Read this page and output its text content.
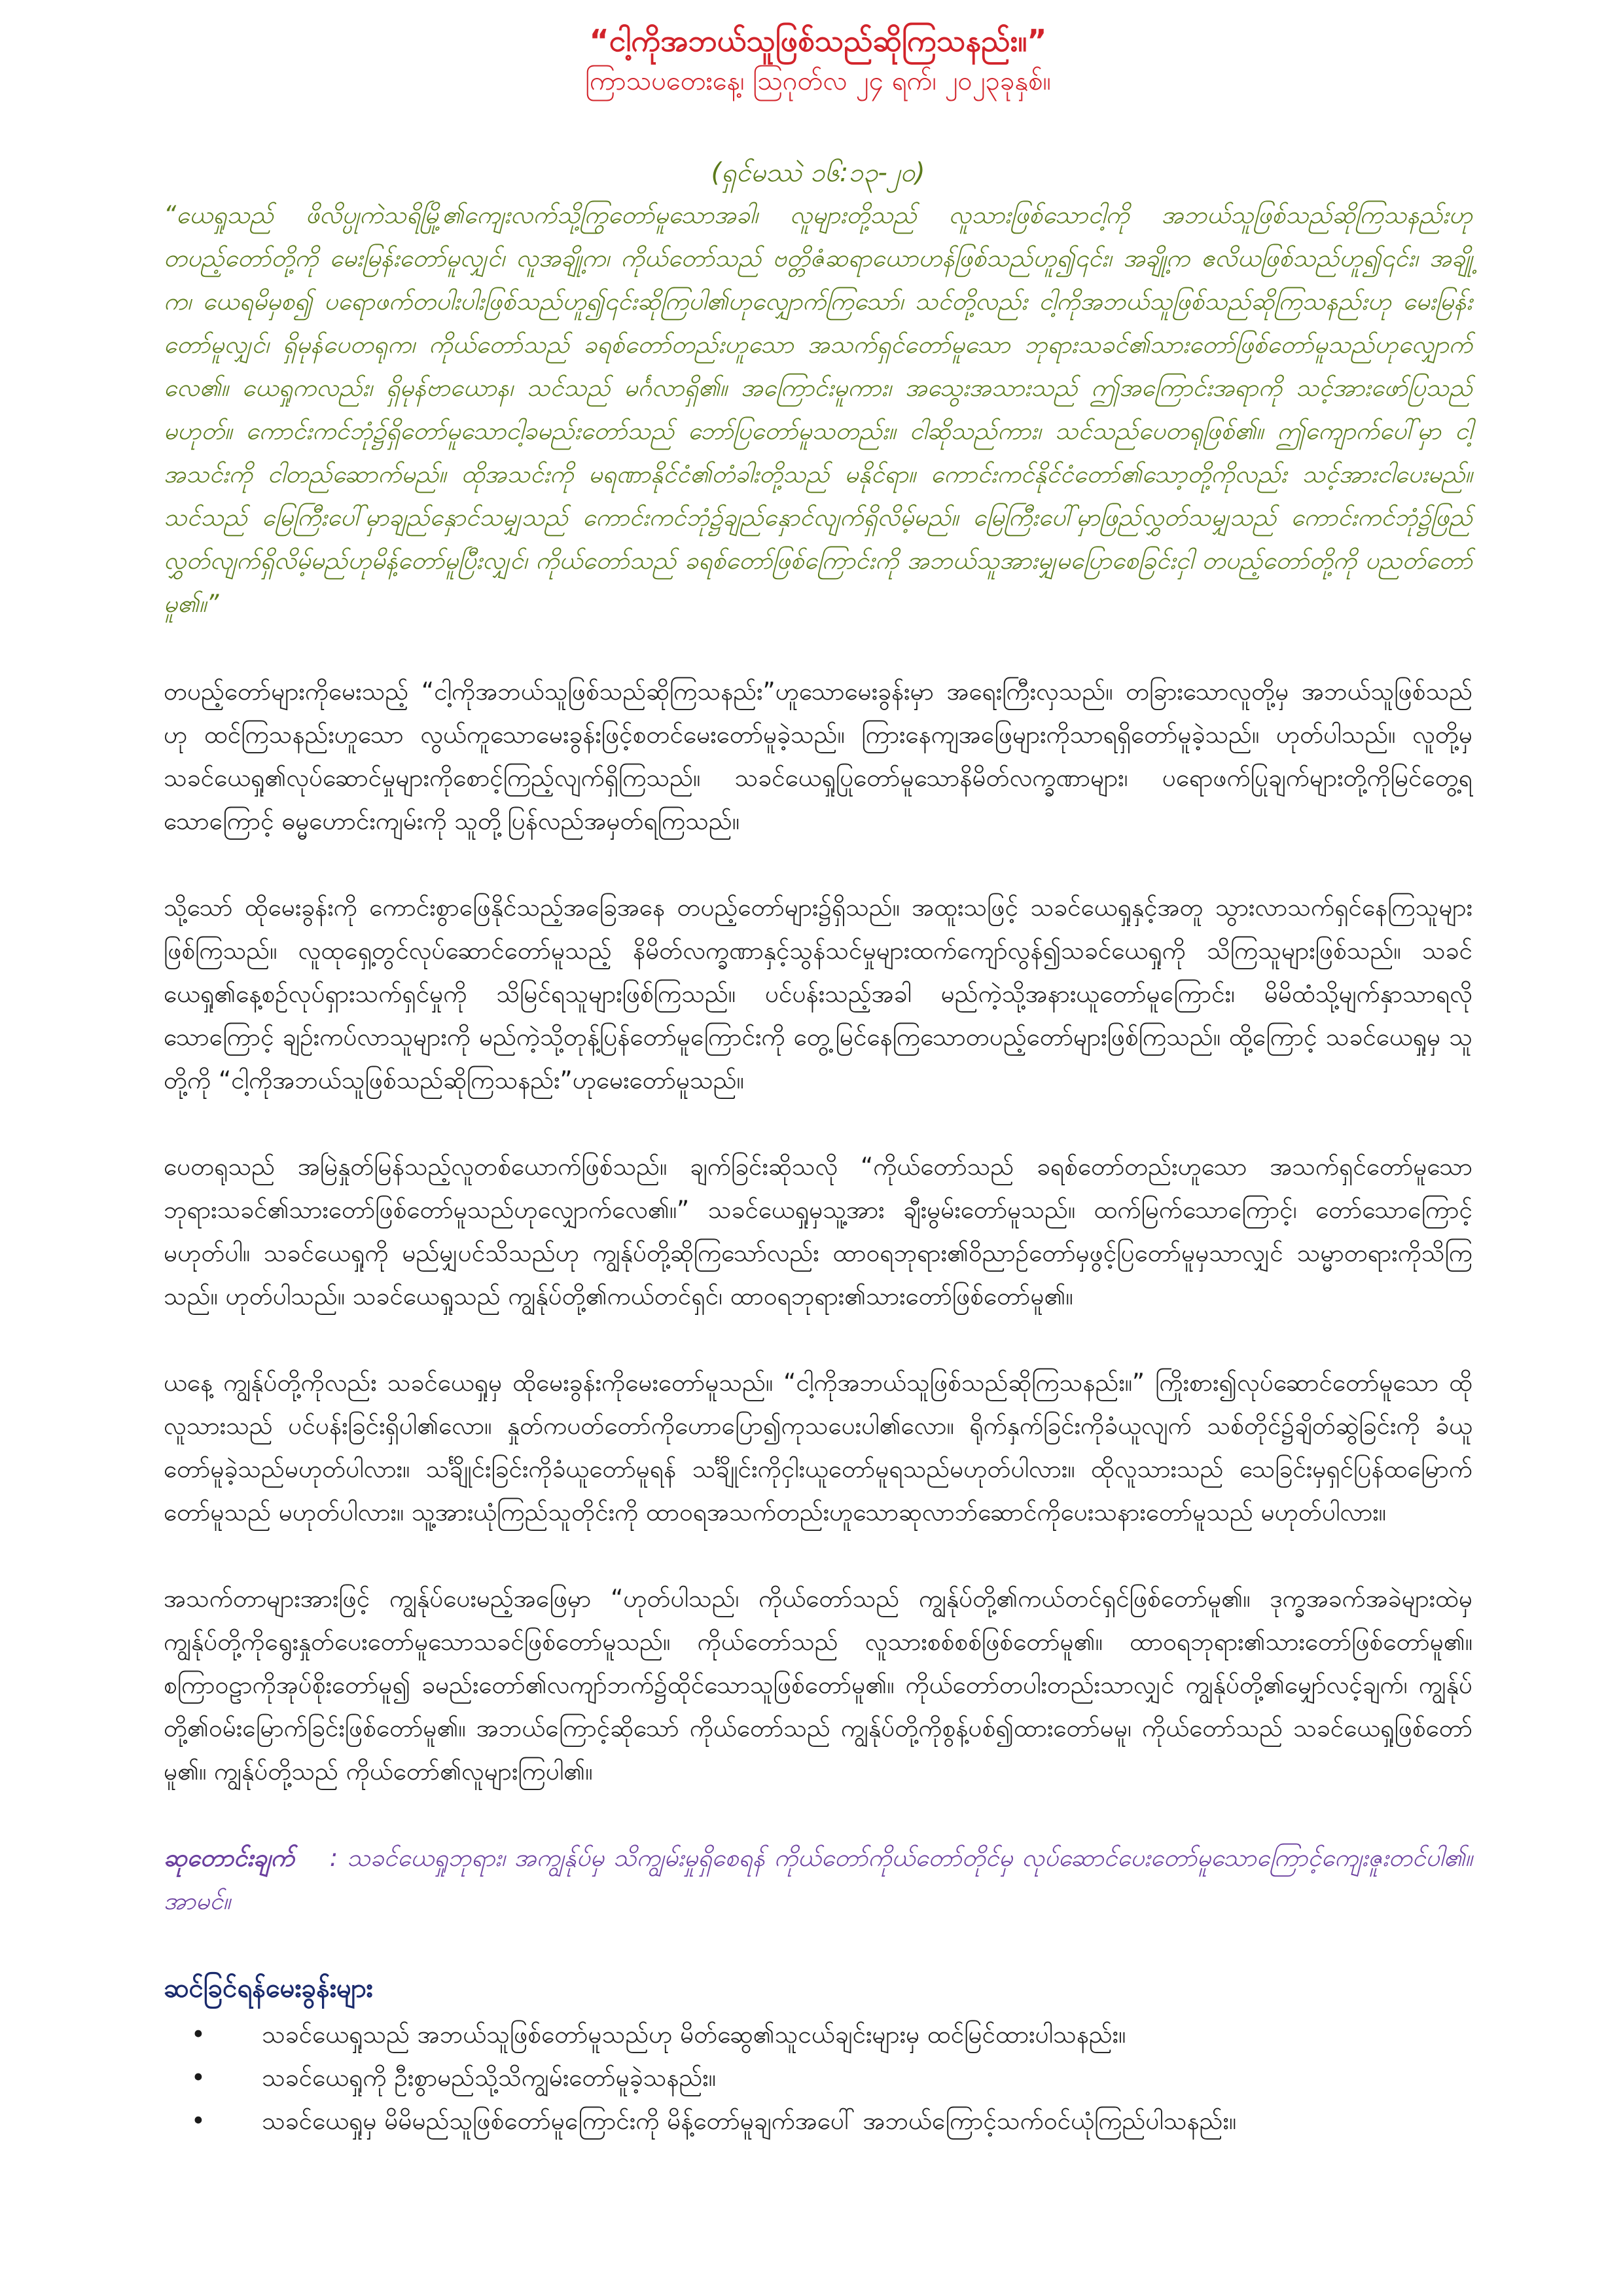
“ငါ့ကိုအဘယ်သူဖြစ်သည်ဆိုကြသနည်း။”

ကြာသပတေးနေ့၊ ဩဂုတ်လ ၂၄ ရက်၊ ၂၀၂၃ခုနှစ်။

(ရှင်မဿဲ ၁၆:၁၃-၂၀)

“ယေရှုသည် ဖိလိပ္ပုကဲသရိမြို့၏ကျေးလက်သို့ကြွတော်မူသောအခါ၊ လူများတို့သည် လူသားဖြစ်သောငါ့ကို အဘယ်သူဖြစ်သည်ဆိုကြသနည်းဟု တပည့်တော်တို့ကို မေးမြန်းတော်မူလျှင်၊ လူအချို့က၊ ကိုယ်တော်သည် ဗတ္တိဇံဆရာယောဟန်ဖြစ်သည်ဟူ၍၎င်း၊ အချို့က ဧလိယဖြစ်သည်ဟူ၍၎င်း၊ အချို့က၊ ယေရမိမှစ၍ ပရောဖက်တပါးပါးဖြစ်သည်ဟူ၍၎င်းဆိုကြပါ၏ဟုလျှောက်ကြသော်၊ သင်တို့လည်း ငါ့ကိုအဘယ်သူဖြစ်သည်ဆိုကြသနည်းဟု မေးမြန်းတော်မူလျှင်၊ ရှိမုန်ပေတရုက၊ ကိုယ်တော်သည် ခရစ်တော်တည်းဟူသော အသက်ရှင်တော်မူသော ဘုရားသခင်၏သားတော်ဖြစ်တော်မူသည်ဟုလျှောက်လေ၏။ ယေရှုကလည်း၊ ရှိမုန်ဗာယောန၊ သင်သည် မင်္ဂလာရှိ၏။ အကြောင်းမူကား၊ အသွေးအသားသည် ဤအကြောင်းအရာကို သင့်အားဖော်ပြသည်မဟုတ်။ ကောင်းကင်ဘုံ၌ရှိတော်မူသောငါ့ခမည်းတော်သည် ဘော်ပြတော်မူသတည်း။ ငါဆိုသည်ကား၊ သင်သည်ပေတရုဖြစ်၏။ ဤကျောက်ပေါ်မှာ ငါ့အသင်းကို ငါတည်ဆောက်မည်။ ထိုအသင်းကို မရဏာနိုင်ငံ၏တံခါးတို့သည် မနိုင်ရာ။ ကောင်းကင်နိုင်ငံတော်၏သော့တို့ကိုလည်း သင့်အားငါပေးမည်။ သင်သည် မြေကြီးပေါ်မှာချည်နှောင်သမျှသည် ကောင်းကင်ဘုံ၌ချည်နှောင်လျက်ရှိလိမ့်မည်။ မြေကြီးပေါ်မှာဖြည်လွှတ်သမျှသည် ကောင်းကင်ဘုံ၌ဖြည်လွှတ်လျက်ရှိလိမ့်မည်ဟုမိန့်တော်မူပြီးလျှင်၊ ကိုယ်တော်သည် ခရစ်တော်ဖြစ်ကြောင်းကို အဘယ်သူအားမျှမပြောစေခြင်းငှါ တပည့်တော်တို့ကို ပညတ်တော်မူ၏။”

တပည့်တော်များကိုမေးသည့် “ငါ့ကိုအဘယ်သူဖြစ်သည်ဆိုကြသနည်း”ဟူသောမေးခွန်းမှာ အရေးကြီးလှသည်။ တခြားသောလူတို့မှ အဘယ်သူဖြစ်သည်ဟု ထင်ကြသနည်းဟူသော လွယ်ကူသောမေးခွန်းဖြင့်စတင်မေးတော်မူခဲ့သည်။ ကြားနေကျအဖြေများကိုသာရရှိတော်မူခဲ့သည်။ ဟုတ်ပါသည်။ လူတို့မှ သခင်ယေရှု၏လုပ်ဆောင်မှုများကိုစောင့်ကြည့်လျက်ရှိကြသည်။ သခင်ယေရှုပြုတော်မူသောနိမိတ်လက္ခဏာများ၊ ပရောဖက်ပြုချက်များတို့ကိုမြင်တွေ့ရသောကြောင့် ဓမ္မဟောင်းကျမ်းကို သူတို့ပြန်လည်အမှတ်ရကြသည်။

သို့သော် ထိုမေးခွန်းကို ကောင်းစွာဖြေနိုင်သည့်အခြေအနေ တပည့်တော်များ၌ရှိသည်။ အထူးသဖြင့် သခင်ယေရှုနှင့်အတူ သွားလာသက်ရှင်နေကြသူများဖြစ်ကြသည်။ လူထုရှေ့တွင်လုပ်ဆောင်တော်မူသည့် နိမိတ်လက္ခဏာနှင့်သွန်သင်မှုများထက်ကျော်လွန်၍သခင်ယေရှုကို သိကြသူများဖြစ်သည်။ သခင်ယေရှု၏နေ့စဉ်လုပ်ရှားသက်ရှင်မှုကို သိမြင်ရသူများဖြစ်ကြသည်။ ပင်ပန်းသည့်အခါ မည်ကဲ့သို့အနားယူတော်မူကြောင်း၊ မိမိထံသို့မျက်နှာသာရလိုသောကြောင့် ချဉ်းကပ်လာသူများကို မည်ကဲ့သို့တုန့်ပြန်တော်မူကြောင်းကို တွေ့မြင်နေကြသောတပည့်တော်များဖြစ်ကြသည်။ ထို့ကြောင့် သခင်ယေရှုမှ သူတို့ကို “ငါ့ကိုအဘယ်သူဖြစ်သည်ဆိုကြသနည်း”ဟုမေးတော်မူသည်။

ပေတရုသည် အမြဲနှုတ်မြန်သည့်လူတစ်ယောက်ဖြစ်သည်။ ချက်ခြင်းဆိုသလို “ကိုယ်တော်သည် ခရစ်တော်တည်းဟူသော အသက်ရှင်တော်မူသော ဘုရားသခင်၏သားတော်ဖြစ်တော်မူသည်ဟုလျှောက်လေ၏။” သခင်ယေရှုမှသူ့အား ချီးမွမ်းတော်မူသည်။ ထက်မြက်သောကြောင့်၊ တော်သောကြောင့်မဟုတ်ပါ။ သခင်ယေရှုကို မည်မျှပင်သိသည်ဟု ကျွန်ုပ်တို့ဆိုကြသော်လည်း ထာဝရဘုရား၏ဝိညာဉ်တော်မှဖွင့်ပြတော်မူမှသာလျှင် သမ္မာတရားကိုသိကြသည်။ ဟုတ်ပါသည်။ သခင်ယေရှုသည် ကျွန်ုပ်တို့၏ကယ်တင်ရှင်၊ ထာဝရဘုရား၏သားတော်ဖြစ်တော်မူ၏။

ယနေ့ ကျွန်ုပ်တို့ကိုလည်း သခင်ယေရှုမှ ထိုမေးခွန်းကိုမေးတော်မူသည်။ “ငါ့ကိုအဘယ်သူဖြစ်သည်ဆိုကြသနည်း။” ကြိုးစား၍လုပ်ဆောင်တော်မူသော ထိုလူသားသည် ပင်ပန်းခြင်းရှိပါ၏လော။ နှုတ်ကပတ်တော်ကိုဟောပြော၍ကုသပေးပါ၏လော။ ရိုက်နှက်ခြင်းကိုခံယူလျက် သစ်တိုင်၌ချိတ်ဆွဲခြင်းကို ခံယူတော်မူခဲ့သည်မဟုတ်ပါလား။ သင်္ချိုင်းခြင်းကိုခံယူတော်မူရန် သင်္ချိုင်းကိုငှါးယူတော်မူရသည်မဟုတ်ပါလား။ ထိုလူသားသည် သေခြင်းမှရှင်ပြန်ထမြောက်တော်မူသည် မဟုတ်ပါလား။ သူ့အားယုံကြည်သူတိုင်းကို ထာဝရအသက်တည်းဟူသောဆုလာဘ်ဆောင်ကိုပေးသနားတော်မူသည် မဟုတ်ပါလား။

အသက်တာများအားဖြင့် ကျွန်ုပ်ပေးမည့်အဖြေမှာ “ဟုတ်ပါသည်၊ ကိုယ်တော်သည် ကျွန်ုပ်တို့၏ကယ်တင်ရှင်ဖြစ်တော်မူ၏။ ဒုက္ခအခက်အခဲများထဲမှ ကျွန်ုပ်တို့ကိုရွေးနှုတ်ပေးတော်မူသောသခင်ဖြစ်တော်မူသည်။ ကိုယ်တော်သည် လူသားစစ်စစ်ဖြစ်တော်မူ၏။ ထာဝရဘုရား၏သားတော်ဖြစ်တော်မူ၏။ စကြာဝဠာကိုအုပ်စိုးတော်မူ၍ ခမည်းတော်၏လကျာ်ဘက်၌ထိုင်သောသူဖြစ်တော်မူ၏။ ကိုယ်တော်တပါးတည်းသာလျှင် ကျွန်ုပ်တို့၏မျှော်လင့်ချက်၊ ကျွန်ုပ်တို့၏ဝမ်းမြောက်ခြင်းဖြစ်တော်မူ၏။ အဘယ်ကြောင့်ဆိုသော် ကိုယ်တော်သည် ကျွန်ုပ်တို့ကိုစွန့်ပစ်၍ထားတော်မမူ၊ ကိုယ်တော်သည် သခင်ယေရှုဖြစ်တော်မူ၏။ ကျွန်ုပ်တို့သည် ကိုယ်တော်၏လူများကြပါ၏။

ဆုတောင်းချက် : သခင်ယေရှုဘုရား၊ အကျွန်ုပ်မှ သိကျွမ်းမှုရှိစေရန် ကိုယ်တော်ကိုယ်တော်တိုင်မှ လုပ်ဆောင်ပေးတော်မူသောကြောင့်ကျေးဇူးတင်ပါ၏။ အာမင်။

ဆင်ခြင်ရန်မေးခွန်းများ
• သခင်ယေရှုသည် အဘယ်သူဖြစ်တော်မူသည်ဟု မိတ်ဆွေ၏သူငယ်ချင်းများမှ ထင်မြင်ထားပါသနည်း။
• သခင်ယေရှုကို ဦးစွာမည်သို့သိကျွမ်းတော်မူခဲ့သနည်း။
• သခင်ယေရှုမှ မိမိမည်သူဖြစ်တော်မူကြောင်းကို မိန့်တော်မူချက်အပေါ် အဘယ်ကြောင့်သက်ဝင်ယုံကြည်ပါသနည်း။
